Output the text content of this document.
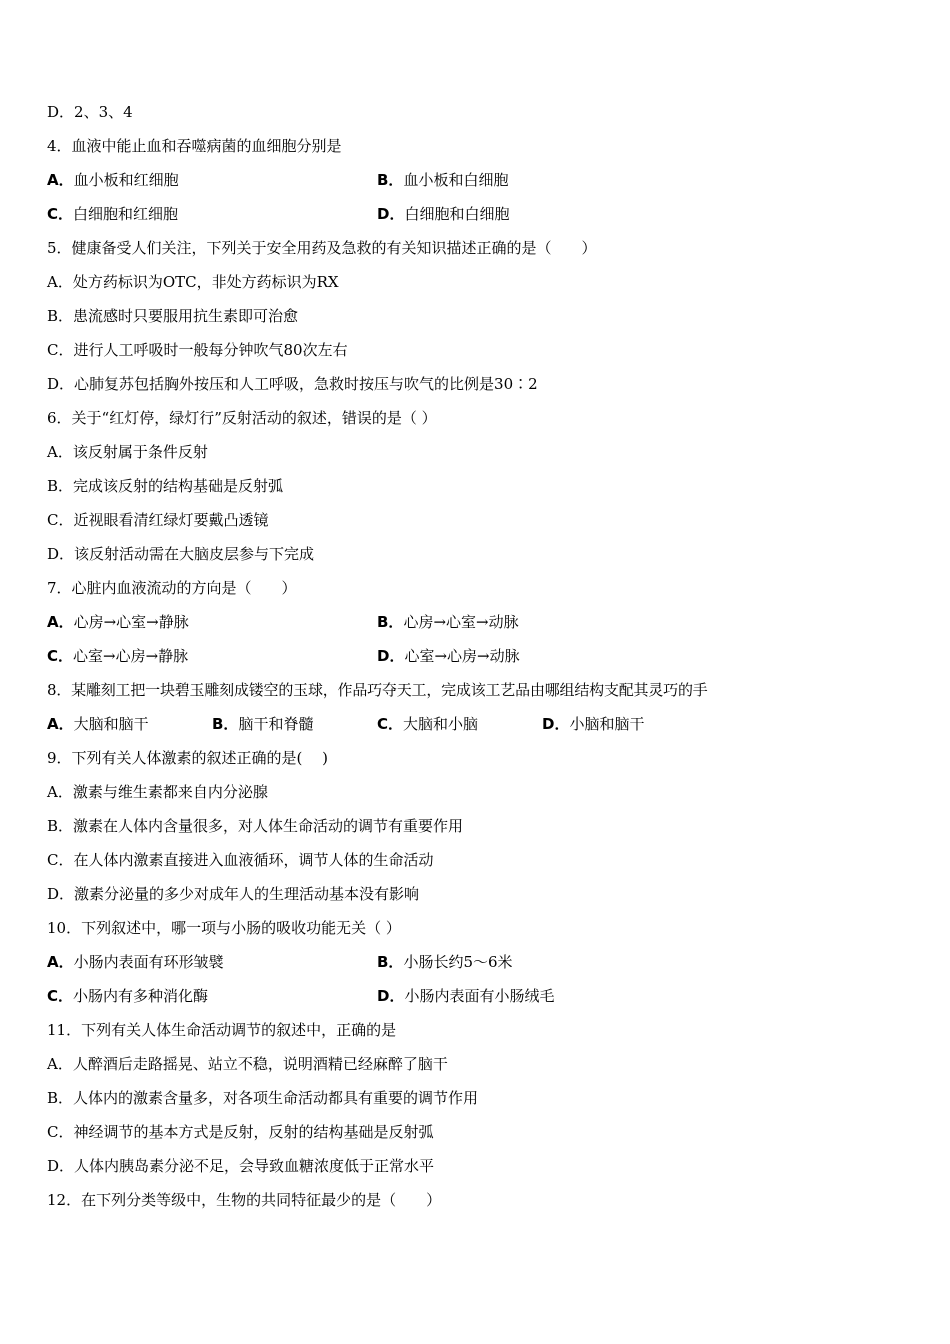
D．2、3、4
4．血液中能止血和吞噬病菌的血细胞分别是
A．血小板和红细胞	B．血小板和白细胞
C．白细胞和红细胞	D．白细胞和白细胞
5．健康备受人们关注，下列关于安全用药及急救的有关知识描述正确的是（　　）
A．处方药标识为OTC，非处方药标识为RX
B．患流感时只要服用抗生素即可治愈
C．进行人工呼吸时一般每分钟吹气80次左右
D．心肺复苏包括胸外按压和人工呼吸，急救时按压与吹气的比例是30∶2
6．关于“红灯停，绿灯行”反射活动的叙述，错误的是（ ）
A．该反射属于条件反射
B．完成该反射的结构基础是反射弧
C．近视眼看清红绿灯要戴凸透镜
D．该反射活动需在大脑皮层参与下完成
7．心脏内血液流动的方向是（　　）
A．心房→心室→静脉	B．心房→心室→动脉
C．心室→心房→静脉	D．心室→心房→动脉
8．某雕刻工把一块碧玉雕刻成镂空的玉球，作品巧夺天工，完成该工艺品由哪组结构支配其灵巧的手
A．大脑和脑干	B．脑干和脊髓	C．大脑和小脑	D．小脑和脑干
9．下列有关人体激素的叙述正确的是(　 )
A．激素与维生素都来自内分泌腺
B．激素在人体内含量很多，对人体生命活动的调节有重要作用
C．在人体内激素直接进入血液循环，调节人体的生命活动
D．激素分泌量的多少对成年人的生理活动基本没有影响
10．下列叙述中，哪一项与小肠的吸收功能无关（ ）
A．小肠内表面有环形皱襞	B．小肠长约5～6米
C．小肠内有多种消化酶	D．小肠内表面有小肠绒毛
11．下列有关人体生命活动调节的叙述中，正确的是
A．人醉酒后走路摇晃、站立不稳，说明酒精已经麻醉了脑干
B．人体内的激素含量多，对各项生命活动都具有重要的调节作用
C．神经调节的基本方式是反射，反射的结构基础是反射弧
D．人体内胰岛素分泌不足，会导致血糖浓度低于正常水平
12．在下列分类等级中，生物的共同特征最少的是（　　）
